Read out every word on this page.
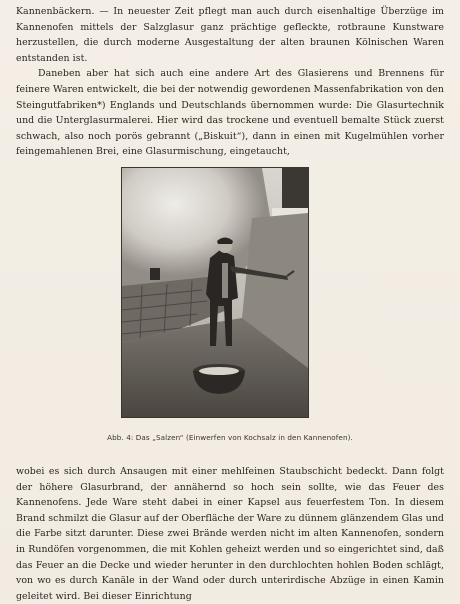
Kannenbäckern. — In neuester Zeit pflegt man auch durch eisenhaltige Überzüge im Kannenofen mittels der Salzglasur ganz prächtige gefleckte, rotbraune Kunstware herzustellen, die durch moderne Ausgestaltung der alten braunen Kölnischen Waren entstanden ist.

Daneben aber hat sich auch eine andere Art des Glasierens und Brennens für feinere Waren entwickelt, die bei der notwendig gewordenen Massenfabrikation von den Steingutfabriken*) Englands und Deutschlands übernommen wurde: Die Glasurtechnik und die Unterglasurmalerei. Hier wird das trockene und eventuell bemalte Stück zuerst schwach, also noch porös gebrannt („Biskuit“), dann in einen mit Kugelmühlen vorher feingemahlenen Brei, eine Glasurmischung, eingetaucht,

Abb. 4: Das „Salzen“ (Einwerfen von Kochsalz in den Kannenofen).

wobei es sich durch Ansaugen mit einer mehlfeinen Staubschicht bedeckt. Dann folgt der höhere Glasurbrand, der annähernd so hoch sein sollte, wie das Feuer des Kannenofens. Jede Ware steht dabei in einer Kapsel aus feuerfestem Ton. In diesem Brand schmilzt die Glasur auf der Oberfläche der Ware zu dünnem glänzendem Glas und die Farbe sitzt darunter. Diese zwei Brände werden nicht im alten Kannenofen, sondern in Rundöfen vorgenommen, die mit Kohlen geheizt werden und so eingerichtet sind, daß das Feuer an die Decke und wieder herunter in den durchlochten hohlen Boden schlägt, von wo es durch Kanäle in der Wand oder durch unterirdische Abzüge in einen Kamin geleitet wird. Bei dieser Einrichtung
